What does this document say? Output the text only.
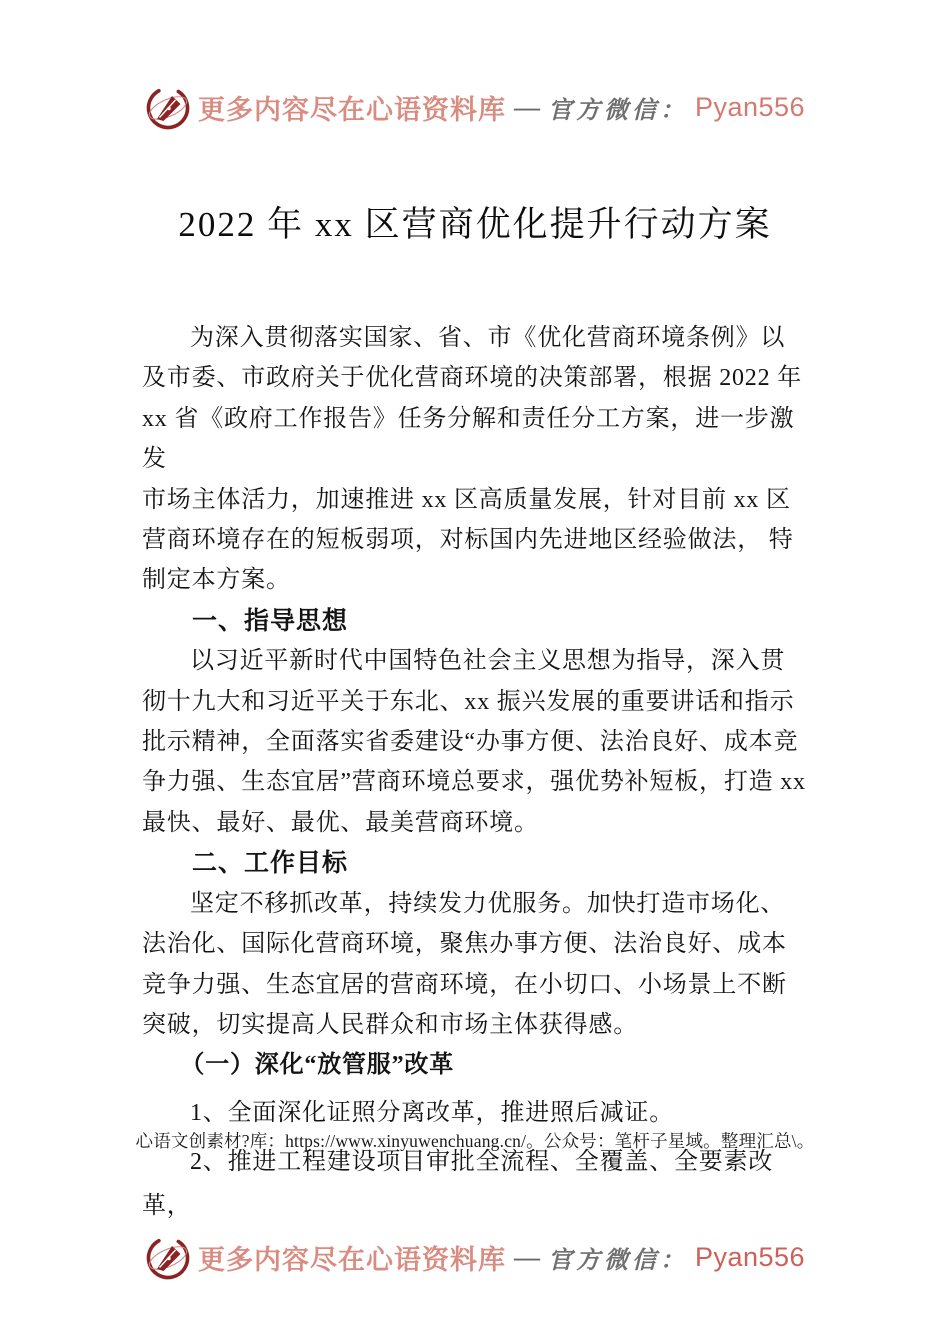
更多内容尽在心语资料库 — 官方微信： Pyan556
2022 年 xx 区营商优化提升行动方案
为深入贯彻落实国家、省、市《优化营商环境条例》以
及市委、市政府关于优化营商环境的决策部署，根据 2022 年
xx 省《政府工作报告》任务分解和责任分工方案，进一步激发
市场主体活力，加速推进 xx 区高质量发展，针对目前 xx 区
营商环境存在的短板弱项，对标国内先进地区经验做法， 特
制定本方案。
一、指导思想
以习近平新时代中国特色社会主义思想为指导，深入贯
彻十九大和习近平关于东北、xx 振兴发展的重要讲话和指示
批示精神，全面落实省委建设“办事方便、法治良好、成本竞
争力强、生态宜居”营商环境总要求，强优势补短板，打造 xx
最快、最好、最优、最美营商环境。
二、工作目标
坚定不移抓改革，持续发力优服务。加快打造市场化、
法治化、国际化营商环境，聚焦办事方便、法治良好、成本
竞争力强、生态宜居的营商环境，在小切口、小场景上不断
突破，切实提高人民群众和市场主体获得感。
（一）深化“放管服”改革
1、全面深化证照分离改革，推进照后减证。
2、推进工程建设项目审批全流程、全覆盖、全要素改革，
心语文创素材?库：https://www.xinyuwenchuang.cn/。公众号：笔杆子星域。整理汇总\。
更多内容尽在心语资料库 — 官方微信： Pyan556
